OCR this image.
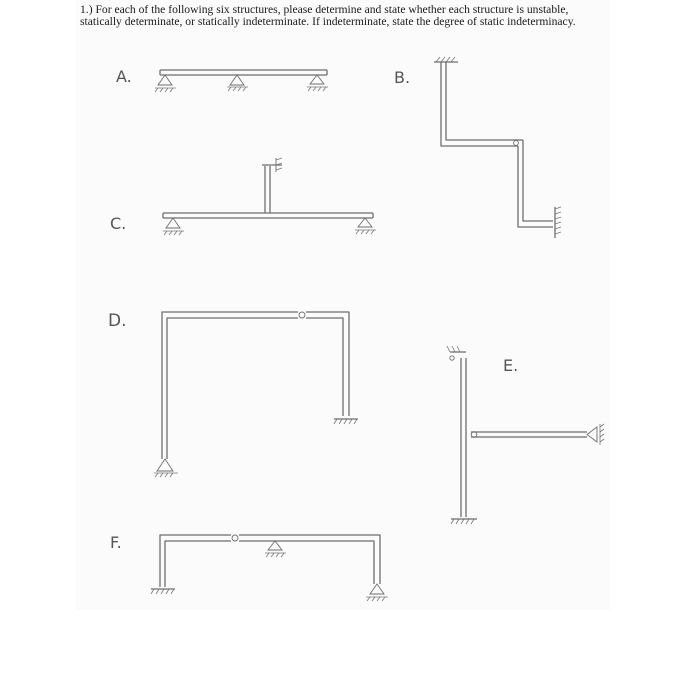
1.) For each of the following six structures, please determine and state whether each structure is unstable, statically determinate, or statically indeterminate. If indeterminate, state the degree of static indeterminacy.

A.	B.
C.
D.
E.
F.
